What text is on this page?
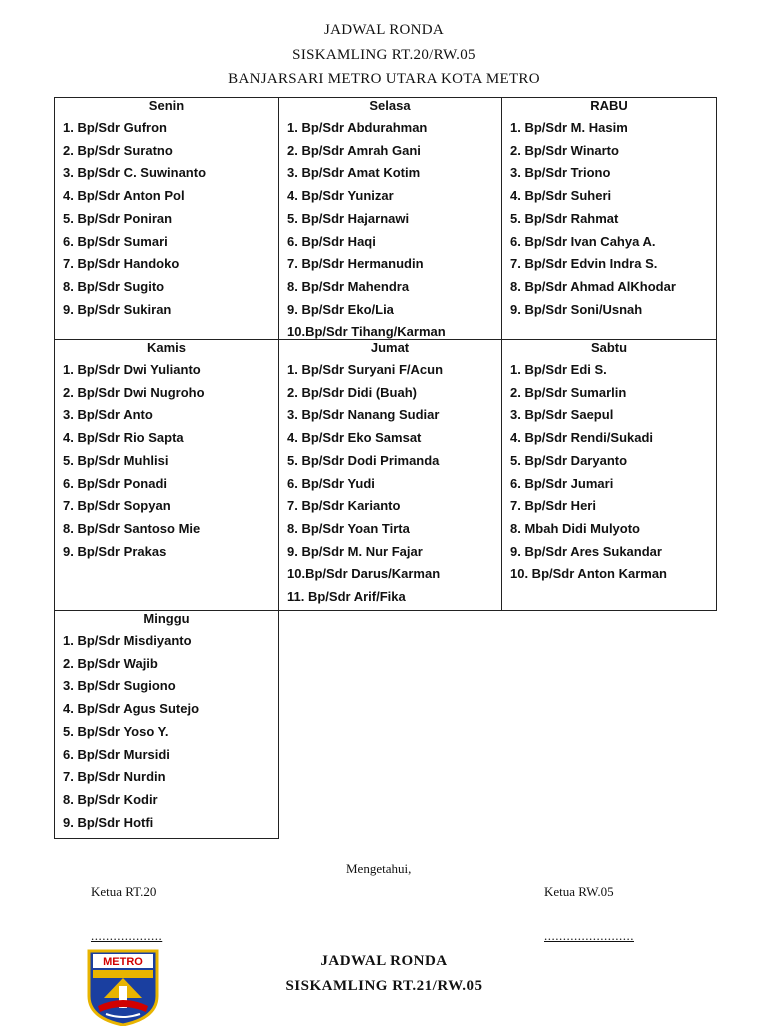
JADWAL RONDA
SISKAMLING RT.20/RW.05
BANJARSARI METRO UTARA KOTA METRO
Senin
1. Bp/Sdr Gufron
2. Bp/Sdr Suratno
3. Bp/Sdr C. Suwinanto
4. Bp/Sdr Anton Pol
5. Bp/Sdr Poniran
6. Bp/Sdr Sumari
7. Bp/Sdr Handoko
8. Bp/Sdr Sugito
9. Bp/Sdr Sukiran
Selasa
1. Bp/Sdr Abdurahman
2. Bp/Sdr Amrah Gani
3. Bp/Sdr Amat Kotim
4. Bp/Sdr Yunizar
5. Bp/Sdr Hajarnawi
6. Bp/Sdr Haqi
7. Bp/Sdr Hermanudin
8. Bp/Sdr Mahendra
9. Bp/Sdr Eko/Lia
10.Bp/Sdr Tihang/Karman
RABU
1. Bp/Sdr M. Hasim
2. Bp/Sdr Winarto
3. Bp/Sdr Triono
4. Bp/Sdr Suheri
5. Bp/Sdr Rahmat
6. Bp/Sdr Ivan Cahya A.
7. Bp/Sdr Edvin Indra S.
8. Bp/Sdr Ahmad AlKhodar
9. Bp/Sdr Soni/Usnah
Kamis
1. Bp/Sdr Dwi Yulianto
2. Bp/Sdr Dwi Nugroho
3. Bp/Sdr Anto
4. Bp/Sdr Rio Sapta
5. Bp/Sdr Muhlisi
6. Bp/Sdr Ponadi
7. Bp/Sdr Sopyan
8. Bp/Sdr Santoso Mie
9. Bp/Sdr Prakas
Jumat
1. Bp/Sdr Suryani F/Acun
2. Bp/Sdr Didi (Buah)
3. Bp/Sdr Nanang Sudiar
4. Bp/Sdr Eko Samsat
5. Bp/Sdr Dodi Primanda
6. Bp/Sdr Yudi
7. Bp/Sdr Karianto
8. Bp/Sdr Yoan Tirta
9. Bp/Sdr M. Nur Fajar
10.Bp/Sdr Darus/Karman
11. Bp/Sdr Arif/Fika
Sabtu
1. Bp/Sdr Edi S.
2. Bp/Sdr Sumarlin
3. Bp/Sdr Saepul
4. Bp/Sdr Rendi/Sukadi
5. Bp/Sdr Daryanto
6. Bp/Sdr Jumari
7. Bp/Sdr Heri
8. Mbah Didi Mulyoto
9. Bp/Sdr Ares Sukandar
10. Bp/Sdr Anton Karman
Minggu
1. Bp/Sdr Misdiyanto
2. Bp/Sdr Wajib
3. Bp/Sdr Sugiono
4. Bp/Sdr Agus Sutejo
5. Bp/Sdr Yoso Y.
6. Bp/Sdr Mursidi
7. Bp/Sdr Nurdin
8. Bp/Sdr Kodir
9. Bp/Sdr Hotfi
Mengetahui,
Ketua RT.20	Ketua RW.05
...................	........................
METRO	JADWAL RONDA
SISKAMLING RT.21/RW.05
